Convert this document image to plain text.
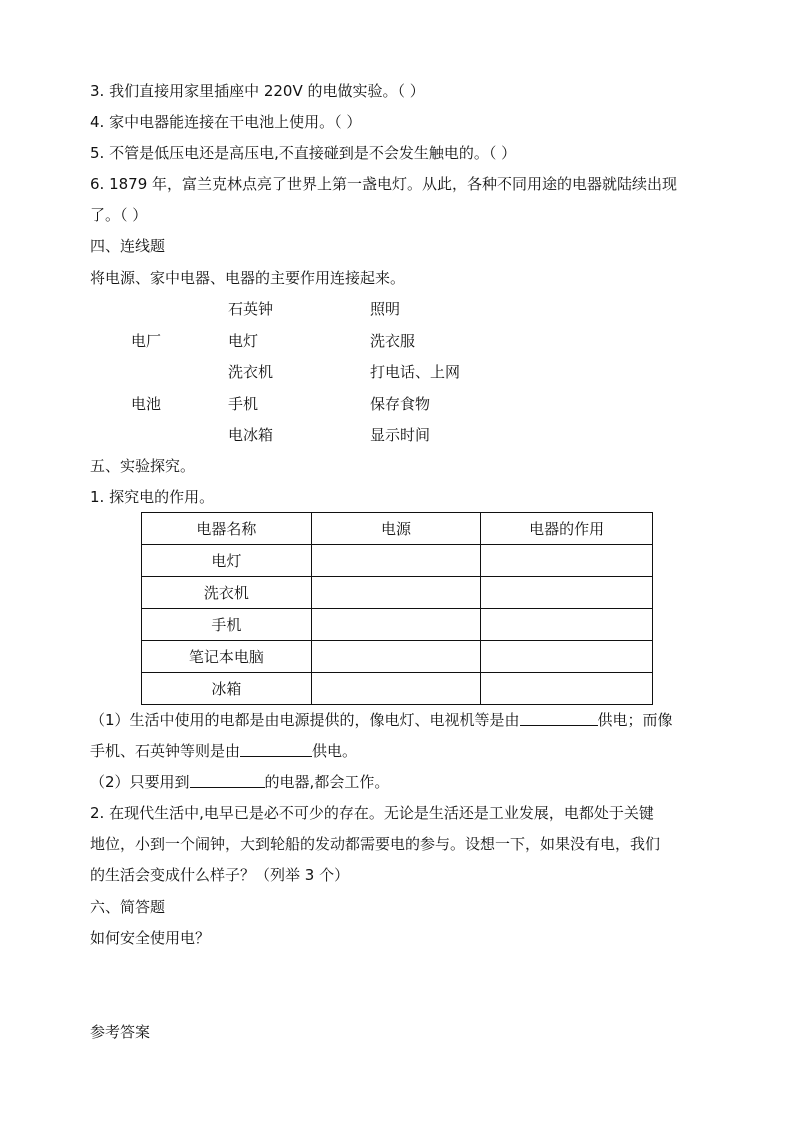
3. 我们直接用家里插座中 220V 的电做实验。（ ）
4. 家中电器能连接在干电池上使用。（ ）
5. 不管是低压电还是高压电,不直接碰到是不会发生触电的。（ ）
6. 1879 年，富兰克林点亮了世界上第一盏电灯。从此，各种不同用途的电器就陆续出现
了。（ ）
四、连线题
将电源、家中电器、电器的主要作用连接起来。
电厂
电池
石英钟
电灯
洗衣机
手机
电冰箱
照明
洗衣服
打电话、上网
保存食物
显示时间
五、实验探究。
1. 探究电的作用。
电器名称	电源	电器的作用
电灯		
洗衣机		
手机		
笔记本电脑		
冰箱		
（1）生活中使用的电都是由电源提供的，像电灯、电视机等是由	供电；而像
手机、石英钟等则是由	供电。
（2）只要用到	的电器,都会工作。
2. 在现代生活中,电早已是必不可少的存在。无论是生活还是工业发展，电都处于关键
地位，小到一个闹钟，大到轮船的发动都需要电的参与。设想一下，如果没有电，我们
的生活会变成什么样子？（列举 3 个）
六、简答题
如何安全使用电？
参考答案
